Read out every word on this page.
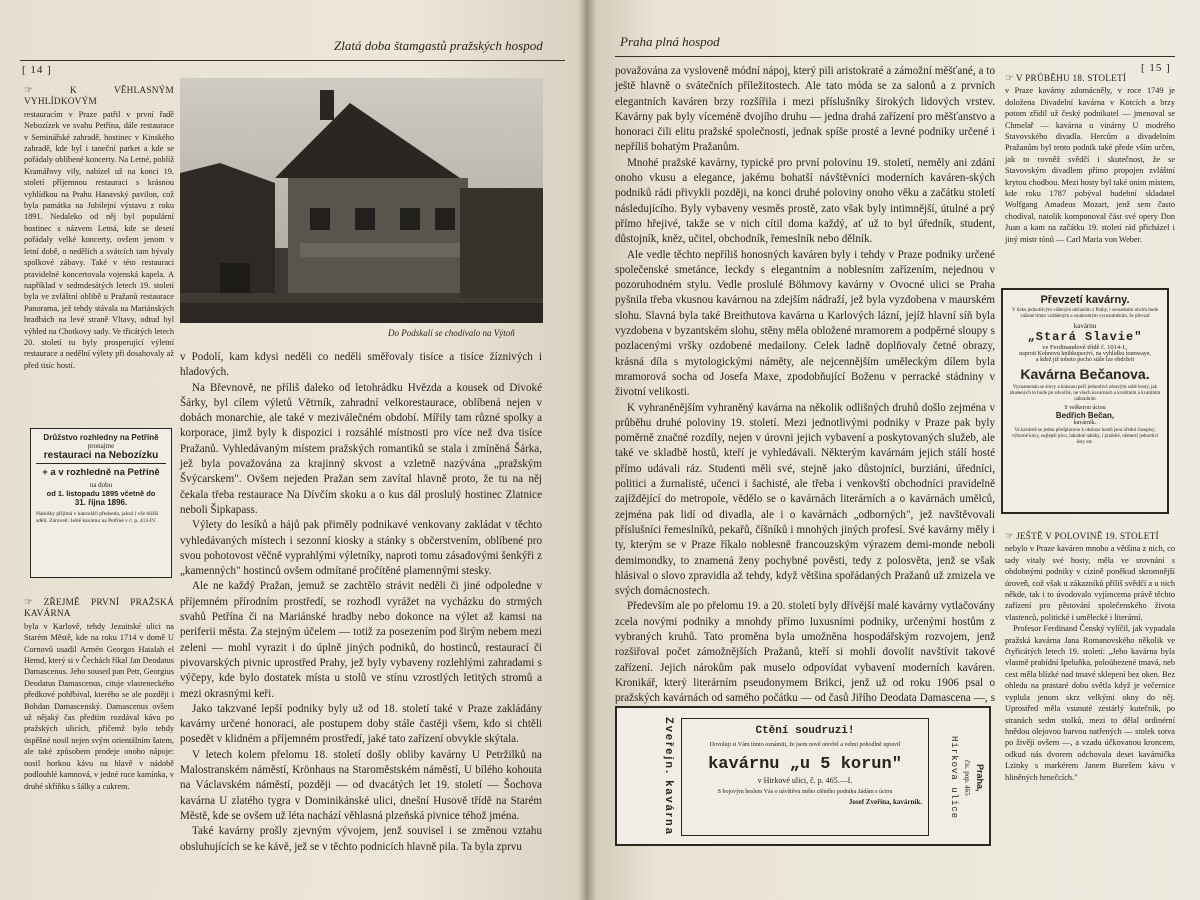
Zlatá doba štamgastů pražských hospod
[ 14 ]
☞ K VĚHLASNÝM VYHLÍDKOVÝM

restauracím v Praze patřil v první řadě Nebozízek ve svahu Petřína, dále restaurace v Seminářské zahradě, hostinec v Kinského zahradě, kde byl i taneční parket a kde se pořádaly oblíbené koncerty. Na Letné, poblíž Kramářovy vily, nabízel už na konci 19. století příjemnou restauraci s krásnou vyhlídkou na Prahu Hanavský pavilon, což byla památka na Jubilejní výstavu z roku 1891. Nedaleko od něj byl populární hostinec s názvem Letná, kde se desetí pořádaly velké koncerty, ovšem jenom v letní době, o nedělích a svátcích tam bývaly spolkové zábavy. Také v této restauraci pravidelné koncertovala vojenská kapela. A například v sedmdesátých letech 19. století byla ve zvláštní oblibě u Pražanů restaurace Panorama, jež tehdy stávala na Mariánských hradbách na levé straně Vltavy, odtud byl výhled na Chotkovy sady. Ve třicátých letech 20. století tu byly prosperující výletní restaurace a nedělní výlety při dosahovaly až před tisíc hostí.

Drůžstvo rozhledny na Petříně
pronajme
restauraci na Nebozízku
+ a v rozhledně na Petříně
na dobu
od 1. listopadu 1895 včetně do
31. října 1896.
Nabídky přijímá v kanceláři předseda, jakož i vše bližší sdělí. Zároveň: Ještě kavárnu na Petříně v č. p. 413-IV.
☞ ZŘEJMĚ PRVNÍ PRAŽSKÁ KAVÁRNA

byla v Karlově, tehdy Jezuitské ulici na Starém Městě, kde na roku 1714 v domě U Cornovů usadil Armén Georgos Hatalah el Hemd, který si v Čechách říkal Jan Deodatus Damascenus. Jeho soused pan Petr, Georgius Deodatus Damascenus, cituje vlasteneckého předkové pohřbíval, kterého se ale později i Bohdan Damascenský. Damascenus ovšem už nějaký čas předtím rozdával kávu po pražských ulicích, přičemž bylo tehdy úspěšné nosil nejen svým orientálním šatem, ale také způsobem prodeje onoho nápoje: nosil horkou kávu na hlavě v nádobě podlouhlé kamnová, v jedné ruce kamínka, v druhé skříňku s šálky a cukrem.

Do Podskalí se chodívalo na Výtoň

v Podolí, kam kdysi neděli co neděli směřovaly tisíce a tisíce žíznivých i hladových.

Na Břevnově, ne příliš daleko od letohrádku Hvězda a kousek od Divoké Šárky, byl cílem výletů Větrník, zahradní velkorestaurace, oblíbená nejen v dobách monarchie, ale také v meziválečném období. Mířily tam různé spolky a korporace, jimž byly k dispozici i rozsáhlé místnosti pro více než dva tisíce Pražanů. Vyhledávaným místem pražských romantiků se stala i zmíněná Šárka, jež byla považována za krajinný skvost a vzletně nazývána „pražským Švýcarskem". Ovšem nejeden Pražan sem zavítal hlavně proto, že tu na něj čekala třeba restaurace Na Dívčím skoku a o kus dál proslulý hostinec Zlatnice neboli Šipkapass.

Výlety do lesíků a hájů pak přiměly podnikavé venkovany zakládat v těchto vyhledávaných místech i sezonní kiosky a stánky s občerstvením, oblíbené pro svou pohotovost věčně vyprahlými výletníky, naproti tomu zásadovými šenkýři z „kamenných" hostinců ovšem odmítané pročítěné plamennými stesky.

Ale ne každý Pražan, jemuž se zachtělo strávit neděli či jiné odpoledne v příjemném přírodním prostředí, se rozhodl vyrážet na vycházku do strmých svahů Petřína či na Mariánské hradby nebo dokonce na výlet až kamsi na periferii města. Za stejným účelem — totiž za posezením pod širým nebem mezi zeleni — mohl vyrazit i do úplně jiných podniků, do hostinců, restaurací či pivovarských pivnic uprostřed Prahy, jež byly vybaveny rozlehlými zahradami s výčepy, kde bylo dostatek místa u stolů ve stínu vzrostlých letitých stromů a mezi okrasnými keři.

Jako takzvané lepší podniky byly už od 18. století také v Praze zakládány kavárny určené honoraci, ale postupem doby stále častěji všem, kdo si chtěli posedět v klidném a příjemném prostředí, jaké tato zařízení obvykle skýtala.

V letech kolem přelomu 18. století došly obliby kavárny U Petržilků na Malostranském náměstí, Krönhaus na Staroměstském náměstí, U bílého kohouta na Václavském náměstí, později — od dvacátých let 19. století — Šochova kavárna U zlatého tygra v Dominikánské ulici, dnešní Husově třídě na Starém Městě, kde se ovšem už léta nachází věhlasná plzeňská pivnice téhož jména.

Také kavárny prošly zjevným vývojem, jenž souvisel i se změnou vztahu obsluhujících se ke kávě, jež se v těchto podnicích hlavně pila. Ta byla zprvu

Praha plná hospod
[ 15 ]

považována za vysloveně módní nápoj, který pili aristokraté a zámožní měšťané, a to ještě hlavně o svátečních příležitostech. Ale tato móda se za salonů a z prvních elegantních kaváren brzy rozšířila i mezi příslušníky širokých lidových vrstev. Kavárny pak byly víceméně dvojího druhu — jedna drahá zařízení pro měšťanstvo a honoraci čili elitu pražské společnosti, jednak spíše prosté a levné podniky určené i nepříliš bohatým Pražanům.

Mnohé pražské kavárny, typické pro první polovinu 19. století, neměly ani zdání onoho vkusu a elegance, jakému bohatší návštěvníci moderních kaváren-ských podniků rádi přivykli později, na konci druhé poloviny onoho věku a začátku století následujícího. Byly vybaveny vesměs prostě, zato však byly intimnější, útulné a prý přímo hřejivé, takže se v nich cítil doma každý, ať už to byl úředník, student, důstojník, kněz, učitel, obchodník, řemeslník nebo dělník.

Ale vedle těchto nepříliš honosných kaváren byly i tehdy v Praze podniky určené společenské smetánce, leckdy s elegantním a noblesním zařízením, nejednou v pozoruhodném stylu. Vedle proslulé Böhmovy kavárny v Ovocné ulici se Praha pyšnila třeba vkusnou kavárnou na zdejším nádraží, jež byla vyzdobena v maurském slohu. Slavná byla také Breithutova kavárna u Karlových lázní, jejíž hlavní síň byla vyzdobena v byzantském slohu, stěny měla obložené mramorem a podpěrné sloupy s pozlacenými vršky ozdobené medailony. Celek ladně doplňovaly četné obrazy, krásná díla s mytologickými náměty, ale nejcennějším uměleckým dílem byla mramorová socha od Josefa Maxe, zpodobňující Boženu v perracké stádniny v životní velikosti.

K vyhraněnějším vyhraněný kavárna na několik odlišných druhů došlo zejména v průběhu druhé poloviny 19. století. Mezi jednotlivými podniky v Praze pak byly poměrně značné rozdíly, nejen v úrovni jejich vybavení a poskytovaných služeb, ale také ve skladbě hostů, kteří je vyhledávali. Některým kavárnám jejich stálí hosté přímo udávali ráz. Studenti měli své, stejně jako důstojníci, burziáni, úředníci, politici a žurnalisté, učenci i šachisté, ale třeba i venkovští obchodníci pravidelně zajíždějící do metropole, vědělo se o kavárnách literárních a o kavárnách umělců, zejména pak lidí od divadla, ale i o kavárnách „odborných", jež navštěvovali příslušníci řemeslníků, pekařů, číšníků i mnohých jiných profesí. Své kavárny měly i ty, kterým se v Praze říkalo noblesně francouzským výrazem demi-monde neboli demimondky, to znamená ženy pochybné pověsti, tedy z polosvěta, jenž se však hlásival o slovo zpravidla až tehdy, když většina spořádaných Pražanů už zmizela ve svých domácnostech.

Především ale po přelomu 19. a 20. století byly dřívější malé kavárny vytlačovány zcela novými podniky a mnohdy přímo luxusními podniky, určenými hostům z vybraných kruhů. Tato proměna byla umožněna hospodářským rozvojem, jenž rozšiřoval počet zámožnějších Pražanů, kteří si mohli dovolit navštívit takové zařízení. Jejich nárokům pak muselo odpovídat vybavení moderních kaváren. Kronikář, který literárním pseudonymem Brikci, jenž už od roku 1906 psal o pražských kavárnách od samého počátku — od časů Jiřího Deodata Damascena —, s

☞ V PRŮBĚHU 18. STOLETÍ

v Praze kavárny zdomácněly, v roce 1749 je doložena Divadelní kavárna v Kotcích a brzy potom zřídil už český podnikatel — jmenoval se Chmelař — kavárna u vinárny U modrého Stavovského divadla. Hercům a divadelním Pražanům byl tento podnik také přede vším určen, jak to rovněž svědčí i skutečnost, že se Stavovským divadlem přímo propojen zvláštní krytou chodbou. Mezi hosty byl také onim místem, kde roku 1787 pobýval hudební skladatel Wolfgang Amadeus Mozart, jenž sem často chodíval, natolik komponoval část své opery Don Juan a kam na začátku 19. století rád přicházel i jiný mistr tónů — Carl Maria von Weber.

Převzetí kavárny.
V tisku jednotlivým váženým občanům z Prahy, i sousedním obcím bude vážené tímto vzdáleným a soukromým vyrozuměním, že převzal
kavárnu
„Stará Slavie"
ve Ferdinandově třídě č. 1014-I.,
naproti Kohnovu knihkupectví, na vyhlídku tramwaye,
a kdež již tohoto pocho stále lze obdržeti
Kavárna Bečanova.
Vyznamenán se sluvy a krásnou péčí jednotlivě zdravým sobě hosty, jak zkušených to bude po zdvořilé, ne všech kavárnách a kvalitním a kvalitním náhradním
S veškerou úctou
Bedřich Bečan,
kavárník.
Ve kavárně se jednu předplaceno k obsluze hostů jsou úřední časopisy, výborné kávy, nejlepší pivo, lahodné tabáky, i pražské, němectí jednotliví listy etc.
☞ JEŠTĚ V POLOVINĚ 19. STOLETÍ

nebylo v Praze kaváren mnoho a většina z nich, co tady vitaly své hosty, měla ve srovnání s obdobnými podniky v cizině poněkud skromnější úroveň, což však u zákazníků příliš svědčí a u nich někde, tak i to úvodovalo vyjímcema právě těchto zařízení pro pěstování společenského života vlastenců, politické i umělecké i literární.

Profesor Ferdinand Čenský vylíčil, jak vypadala pražská kavárna Jana Romanovského několik ve čtyřicátých letech 19. století: „Jeho kavárna byla vlastně prabídní špeluňka, poloúbezené tmavá, neb cest měla blízké nad tmavé sklepení bez oken. Bez ohledu na prastaré dobu světla když je večernice vyplula jenom skrz velkými okny do něj. Uprostřed měla vsunuté zestárlý kutečník, po stranách sedm stolků, mezi to dělal ordinérní hnědou olejovou barvou natřených — stolek sotva po živějí ovšem —, a vzadu účkovanou kroncem, odkud nás dvorem odchovala deset kavárnička Lzinky s markérem Janem Burešem kávu v hliněných hrnečcích."

Zveřejn. kavárna	Ctění soudruzi!
Dovoluji si Vám tímto oznámiti, že jsem nově otevřel a velmi pohodlně upravil
kavárnu „u 5 korun"
v Hirkové ulici, č. p. 465.—I.
S bojovým heslem Vás o návštěvu mého ctěného podniku žádám s úctou
Josef Zveřina, kavárník.
Praha,
čís. pop. 465
Hirkova ulice
